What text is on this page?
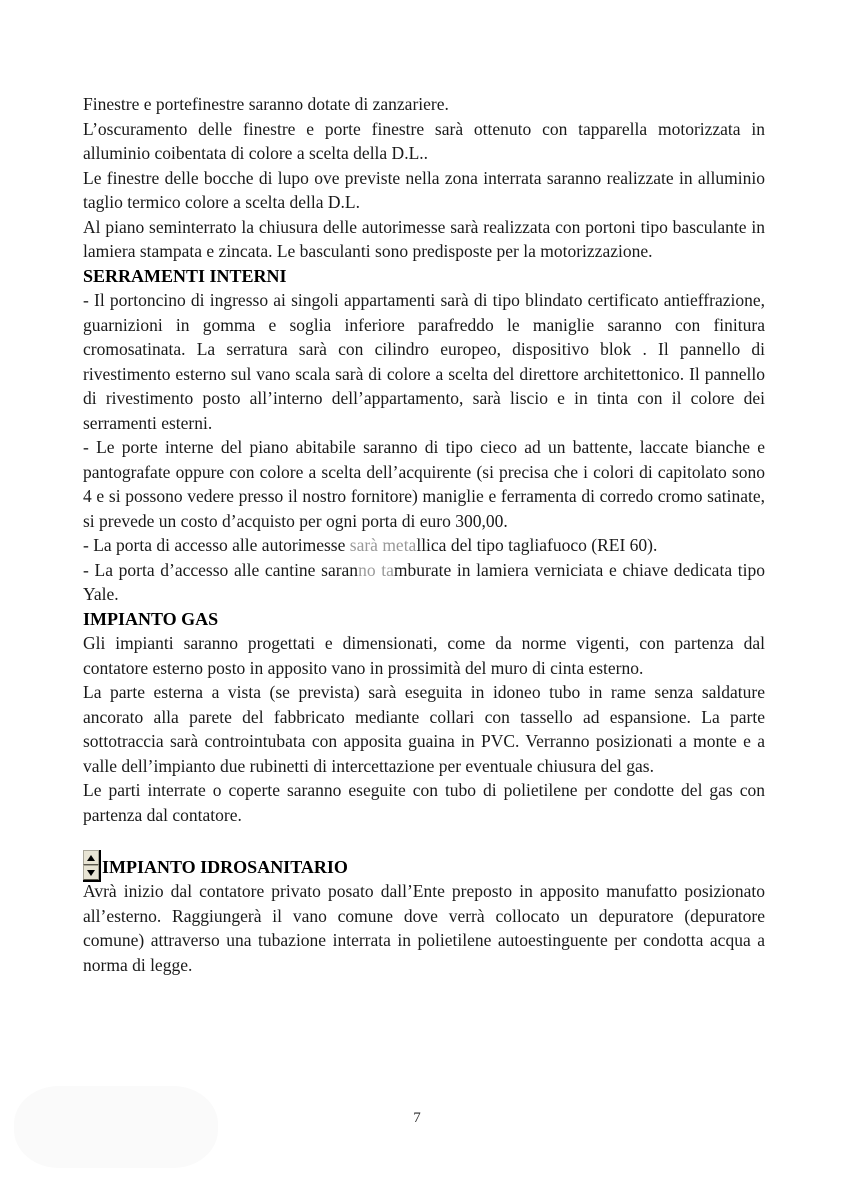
Finestre e portefinestre saranno dotate di zanzariere.

L’oscuramento delle finestre e porte finestre sarà ottenuto con tapparella motorizzata in alluminio coibentata di colore a scelta della D.L..

Le finestre delle bocche di lupo ove previste nella zona interrata saranno realizzate in alluminio taglio termico colore a scelta della D.L.

Al piano seminterrato la chiusura delle autorimesse sarà realizzata con portoni tipo basculante in lamiera stampata e zincata. Le basculanti sono predisposte per la motorizzazione.

SERRAMENTI INTERNI

- Il portoncino di ingresso ai singoli appartamenti sarà di tipo blindato certificato antieffrazione, guarnizioni in gomma e soglia inferiore parafreddo le maniglie saranno con finitura cromosatinata. La serratura sarà con cilindro europeo, dispositivo blok . Il pannello di rivestimento esterno sul vano scala sarà di colore a scelta del direttore architettonico. Il pannello di rivestimento posto all’interno dell’appartamento, sarà liscio e in tinta con il colore dei serramenti esterni.

- Le porte interne del piano abitabile saranno di tipo cieco ad un battente, laccate bianche e pantografate oppure con colore a scelta dell’acquirente (si precisa che i colori di capitolato sono 4 e si possono vedere presso il nostro fornitore) maniglie e ferramenta di corredo cromo satinate, si prevede un costo d’acquisto per ogni porta di euro 300,00.

- La porta di accesso alle autorimesse sarà metallica del tipo tagliafuoco (REI 60).

- La porta d’accesso alle cantine saranno tamburate in lamiera verniciata e chiave dedicata tipo Yale.

IMPIANTO GAS

Gli impianti saranno progettati e dimensionati, come da norme vigenti, con partenza dal contatore esterno posto in apposito vano in prossimità del muro di cinta esterno.

La parte esterna a vista (se prevista) sarà eseguita in idoneo tubo in rame senza saldature ancorato alla parete del fabbricato mediante collari con tassello ad espansione. La parte sottotraccia sarà controintubata con apposita guaina in PVC. Verranno posizionati a monte e a valle dell’impianto due rubinetti di intercettazione per eventuale chiusura del gas.

Le parti interrate o coperte saranno eseguite con tubo di polietilene per condotte del gas con partenza dal contatore.

IMPIANTO IDROSANITARIO

Avrà inizio dal contatore privato posato dall’Ente preposto in apposito manufatto posizionato all’esterno. Raggiungerà il vano comune dove verrà collocato un depuratore (depuratore comune) attraverso una tubazione interrata in polietilene autoestinguente per condotta acqua a norma di legge.

7
